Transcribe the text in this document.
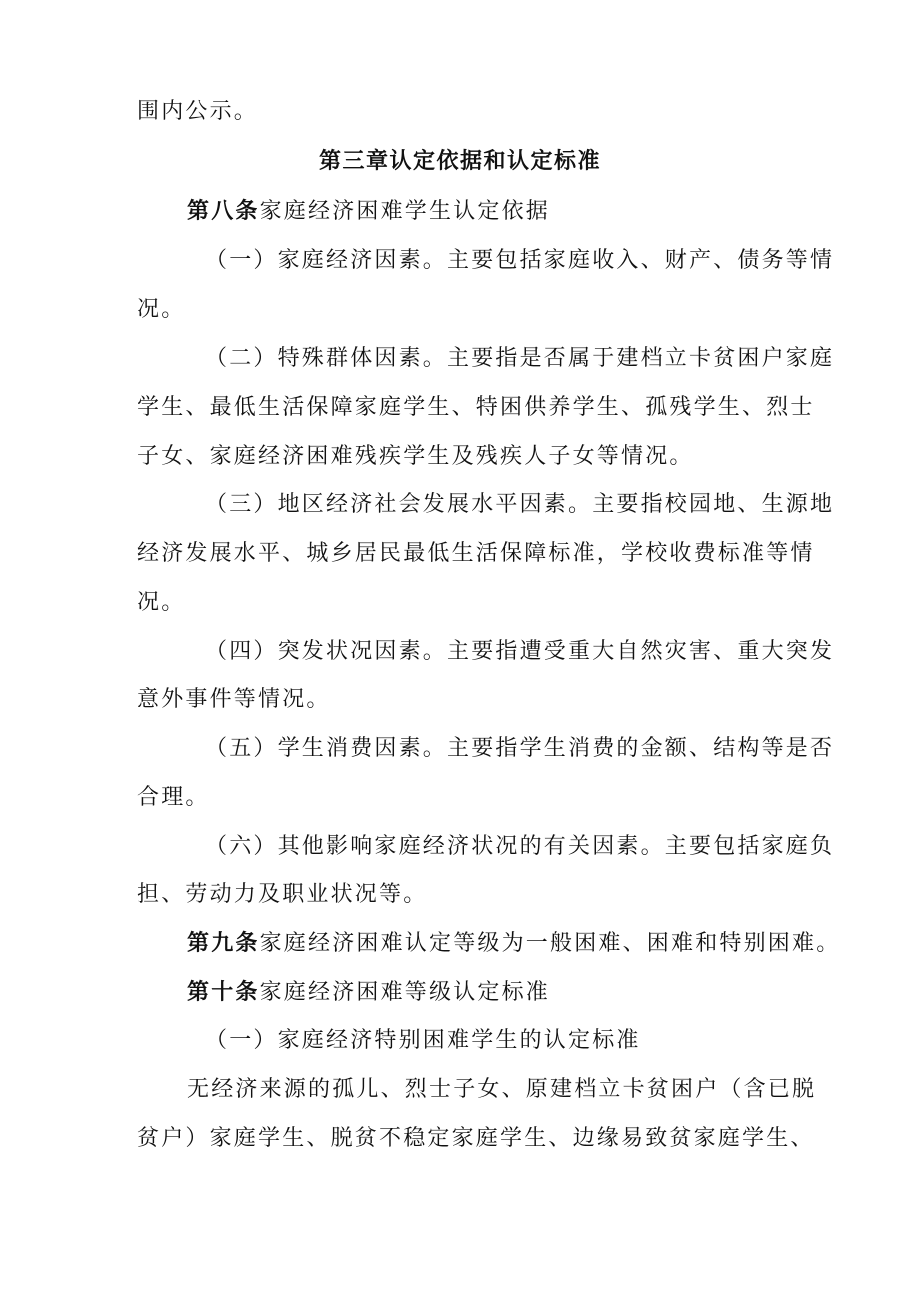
围内公示。
第三章认定依据和认定标准
第八条家庭经济困难学生认定依据
（一）家庭经济因素。主要包括家庭收入、财产、债务等情
况。
（二）特殊群体因素。主要指是否属于建档立卡贫困户家庭
学生、最低生活保障家庭学生、特困供养学生、孤残学生、烈士
子女、家庭经济困难残疾学生及残疾人子女等情况。
（三）地区经济社会发展水平因素。主要指校园地、生源地
经济发展水平、城乡居民最低生活保障标准，学校收费标准等情
况。
（四）突发状况因素。主要指遭受重大自然灾害、重大突发
意外事件等情况。
（五）学生消费因素。主要指学生消费的金额、结构等是否
合理。
（六）其他影响家庭经济状况的有关因素。主要包括家庭负
担、劳动力及职业状况等。
第九条家庭经济困难认定等级为一般困难、困难和特别困难。
第十条家庭经济困难等级认定标准
（一）家庭经济特别困难学生的认定标准
无经济来源的孤儿、烈士子女、原建档立卡贫困户（含已脱
贫户）家庭学生、脱贫不稳定家庭学生、边缘易致贫家庭学生、
